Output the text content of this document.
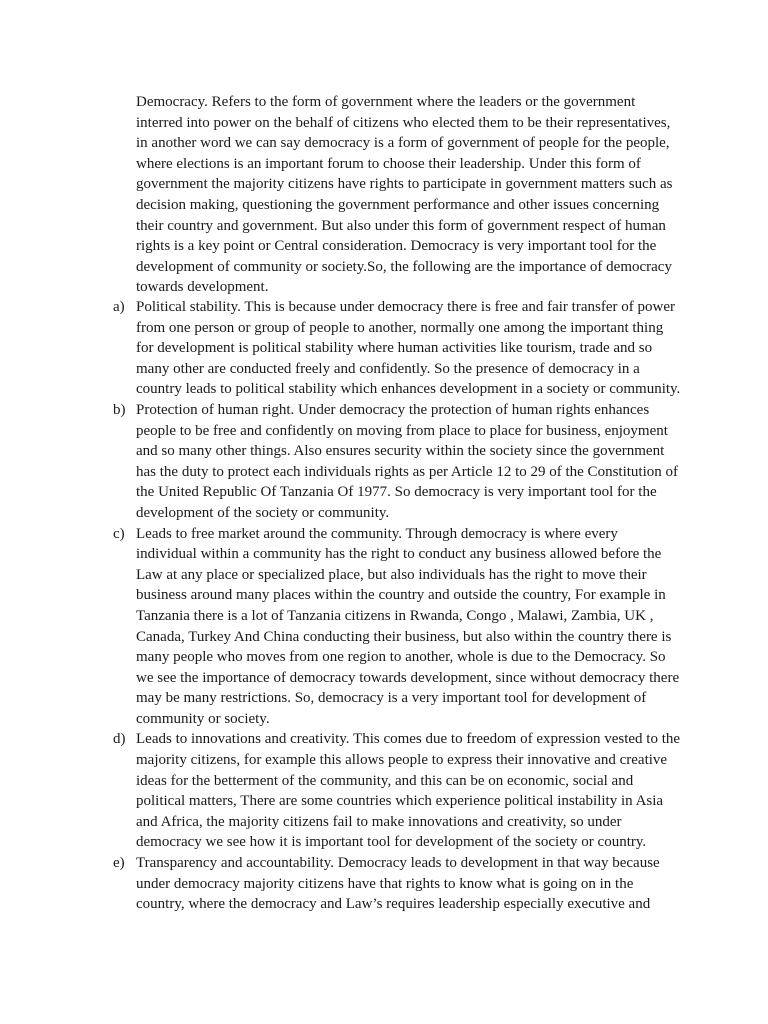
Democracy. Refers to the form of government where the leaders or the government interred into power on the behalf of citizens who elected them to be their representatives, in another word we can say democracy is a form of government of people for the people, where elections is an important forum to choose their leadership. Under this form of government the majority citizens have rights to participate in government matters such as decision making, questioning the government performance and other issues concerning their country and government. But also under this form of government respect of human rights is a key point or Central consideration. Democracy is very important tool for the development of community or society.So, the following are the importance of democracy towards development.

a) Political stability. This is because under democracy there is free and fair transfer of power from one person or group of people to another, normally one among the important thing for development is political stability where human activities like tourism, trade and so many other are conducted freely and confidently. So the presence of democracy in a country leads to political stability which enhances development in a society or community.
b) Protection of human right. Under democracy the protection of human rights enhances people to be free and confidently on moving from place to place for business, enjoyment and so many other things. Also ensures security within the society since the government has the duty to protect each individuals rights as per Article 12 to 29 of the Constitution of the United Republic Of Tanzania Of 1977. So democracy is very important tool for the development of the society or community.
c) Leads to free market around the community. Through democracy is where every individual within a community has the right to conduct any business allowed before the Law at any place or specialized place, but also individuals has the right to move their business around many places within the country and outside the country, For example in Tanzania there is a lot of Tanzania citizens in Rwanda, Congo , Malawi, Zambia, UK , Canada, Turkey And China conducting their business, but also within the country there is many people who moves from one region to another, whole is due to the Democracy. So we see the importance of democracy towards development, since without democracy there may be many restrictions. So, democracy is a very important tool for development of community or society.
d) Leads to innovations and creativity. This comes due to freedom of expression vested to the majority citizens, for example this allows people to express their innovative and creative ideas for the betterment of the community, and this can be on economic, social and political matters, There are some countries which experience political instability in Asia and Africa, the majority citizens fail to make innovations and creativity, so under democracy we see how it is important tool for development of the society or country.
e) Transparency and accountability. Democracy leads to development in that way because under democracy majority citizens have that rights to know what is going on in the country, where the democracy and Law’s requires leadership especially executive and
